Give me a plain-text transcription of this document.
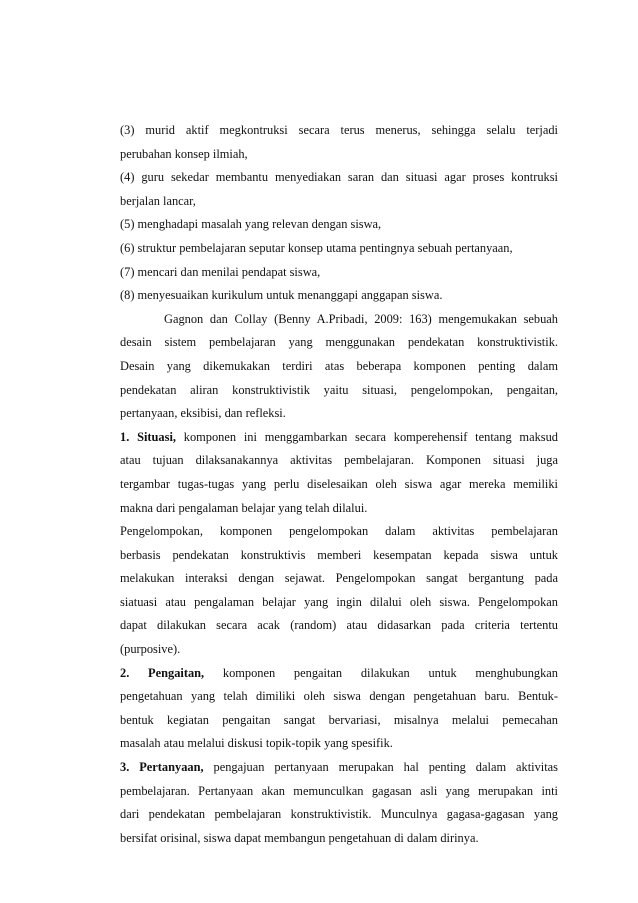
(3) murid aktif megkontruksi secara terus menerus, sehingga selalu terjadi
perubahan konsep ilmiah,
(4) guru sekedar membantu menyediakan saran dan situasi agar proses kontruksi
berjalan lancar,
(5) menghadapi masalah yang relevan dengan siswa,
(6) struktur pembelajaran seputar konsep utama pentingnya sebuah pertanyaan,
(7) mencari dan menilai pendapat siswa,
(8) menyesuaikan kurikulum untuk menanggapi anggapan siswa.
Gagnon dan Collay (Benny A.Pribadi, 2009: 163) mengemukakan sebuah
desain sistem pembelajaran yang menggunakan pendekatan konstruktivistik.
Desain yang dikemukakan terdiri atas beberapa komponen penting dalam
pendekatan aliran konstruktivistik yaitu situasi, pengelompokan, pengaitan,
pertanyaan, eksibisi, dan refleksi.
1. Situasi, komponen ini menggambarkan secara komperehensif tentang maksud
atau tujuan dilaksanakannya aktivitas pembelajaran. Komponen situasi juga
tergambar tugas-tugas yang perlu diselesaikan oleh siswa agar mereka memiliki
makna dari pengalaman belajar yang telah dilalui.
Pengelompokan, komponen pengelompokan dalam aktivitas pembelajaran
berbasis pendekatan konstruktivis memberi kesempatan kepada siswa untuk
melakukan interaksi dengan sejawat. Pengelompokan sangat bergantung pada
siatuasi atau pengalaman belajar yang ingin dilalui oleh siswa. Pengelompokan
dapat dilakukan secara acak (random) atau didasarkan pada criteria tertentu
(purposive).
2. Pengaitan, komponen pengaitan dilakukan untuk menghubungkan
pengetahuan yang telah dimiliki oleh siswa dengan pengetahuan baru. Bentuk-
bentuk kegiatan pengaitan sangat bervariasi, misalnya melalui pemecahan
masalah atau melalui diskusi topik-topik yang spesifik.
3. Pertanyaan, pengajuan pertanyaan merupakan hal penting dalam aktivitas
pembelajaran. Pertanyaan akan memunculkan gagasan asli yang merupakan inti
dari pendekatan pembelajaran konstruktivistik. Munculnya gagasa-gagasan yang
bersifat orisinal, siswa dapat membangun pengetahuan di dalam dirinya.
